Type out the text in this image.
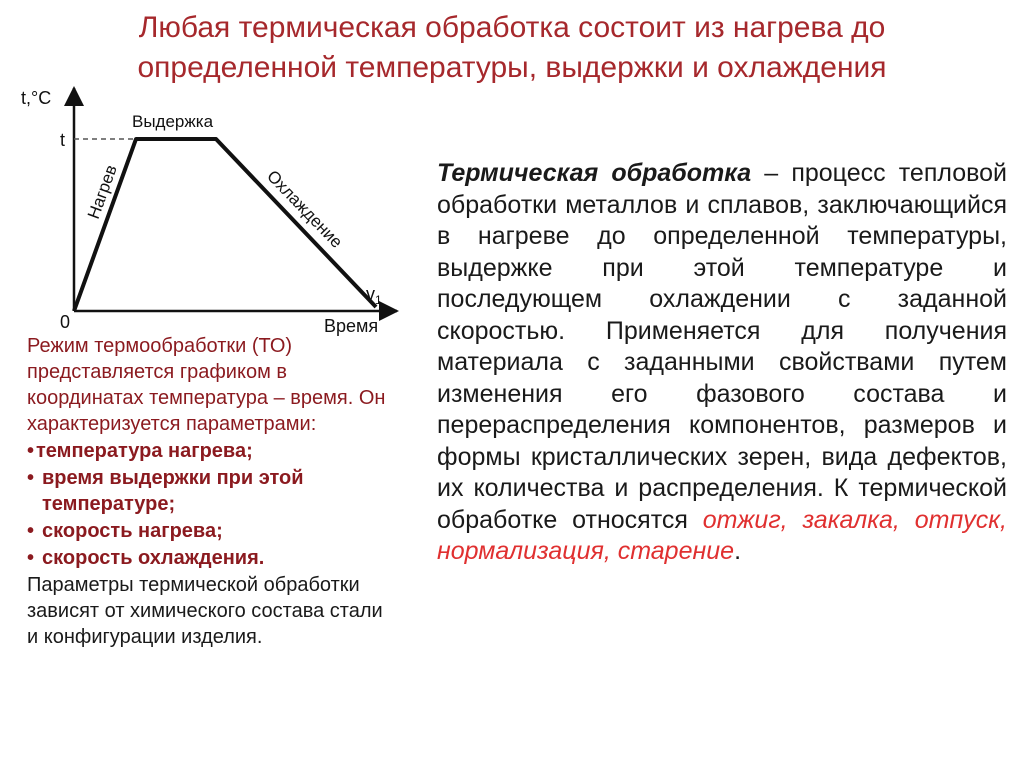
Любая термическая обработка состоит из нагрева до определенной температуры, выдержки и охлаждения
t,°C
t
0	Время
Выдержка
Нагрев	Охлаждение
$v_1$

Режим термообработки (ТО) представляется графиком в координатах температура – время. Он характеризуется параметрами:

• температура нагрева;
• время выдержки при этой температуре;
• скорость нагрева;
• скорость охлаждения.

Параметры термической обработки зависят от химического состава стали и конфигурации изделия.

Термическая обработка – процесс тепловой обработки металлов и сплавов, заключающийся в нагреве до определенной температуры, выдержке при этой температуре и последующем охлаждении с заданной скоростью. Применяется для получения материала с заданными свойствами путем изменения его фазового состава и перераспределения компонентов, размеров и формы кристаллических зерен, вида дефектов, их количества и распределения. К термической обработке относятся отжиг, закалка, отпуск, нормализация, старение.
